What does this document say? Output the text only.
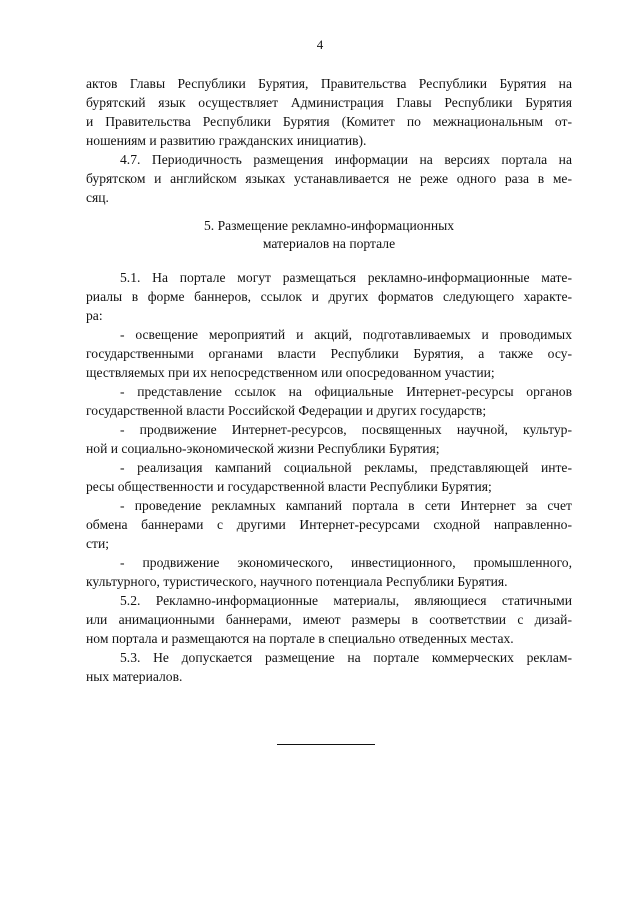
4
актов Главы Республики Бурятия, Правительства Республики Бурятия на
бурятский язык осуществляет Администрация Главы Республики Бурятия
и Правительства Республики Бурятия (Комитет по межнациональным от-
ношениям и развитию гражданских инициатив).
4.7. Периодичность размещения информации на версиях портала на
бурятском и английском языках устанавливается не реже одного раза в ме-
сяц.
5. Размещение рекламно-информационных
материалов на портале
5.1. На портале могут размещаться рекламно-информационные мате-
риалы в форме баннеров, ссылок и других форматов следующего характе-
ра:
- освещение мероприятий и акций, подготавливаемых и проводимых
государственными органами власти Республики Бурятия, а также осу-
ществляемых при их непосредственном или опосредованном участии;
- представление ссылок на официальные Интернет-ресурсы органов
государственной власти Российской Федерации и других государств;
- продвижение Интернет-ресурсов, посвященных научной, культур-
ной и социально-экономической жизни Республики Бурятия;
- реализация кампаний социальной рекламы, представляющей инте-
ресы общественности и государственной власти Республики Бурятия;
- проведение рекламных кампаний портала в сети Интернет за счет
обмена баннерами с другими Интернет-ресурсами сходной направленно-
сти;
- продвижение экономического, инвестиционного, промышленного,
культурного, туристического, научного потенциала Республики Бурятия.
5.2. Рекламно-информационные материалы, являющиеся статичными
или анимационными баннерами, имеют размеры в соответствии с дизай-
ном портала и размещаются на портале в специально отведенных местах.
5.3. Не допускается размещение на портале коммерческих реклам-
ных материалов.
